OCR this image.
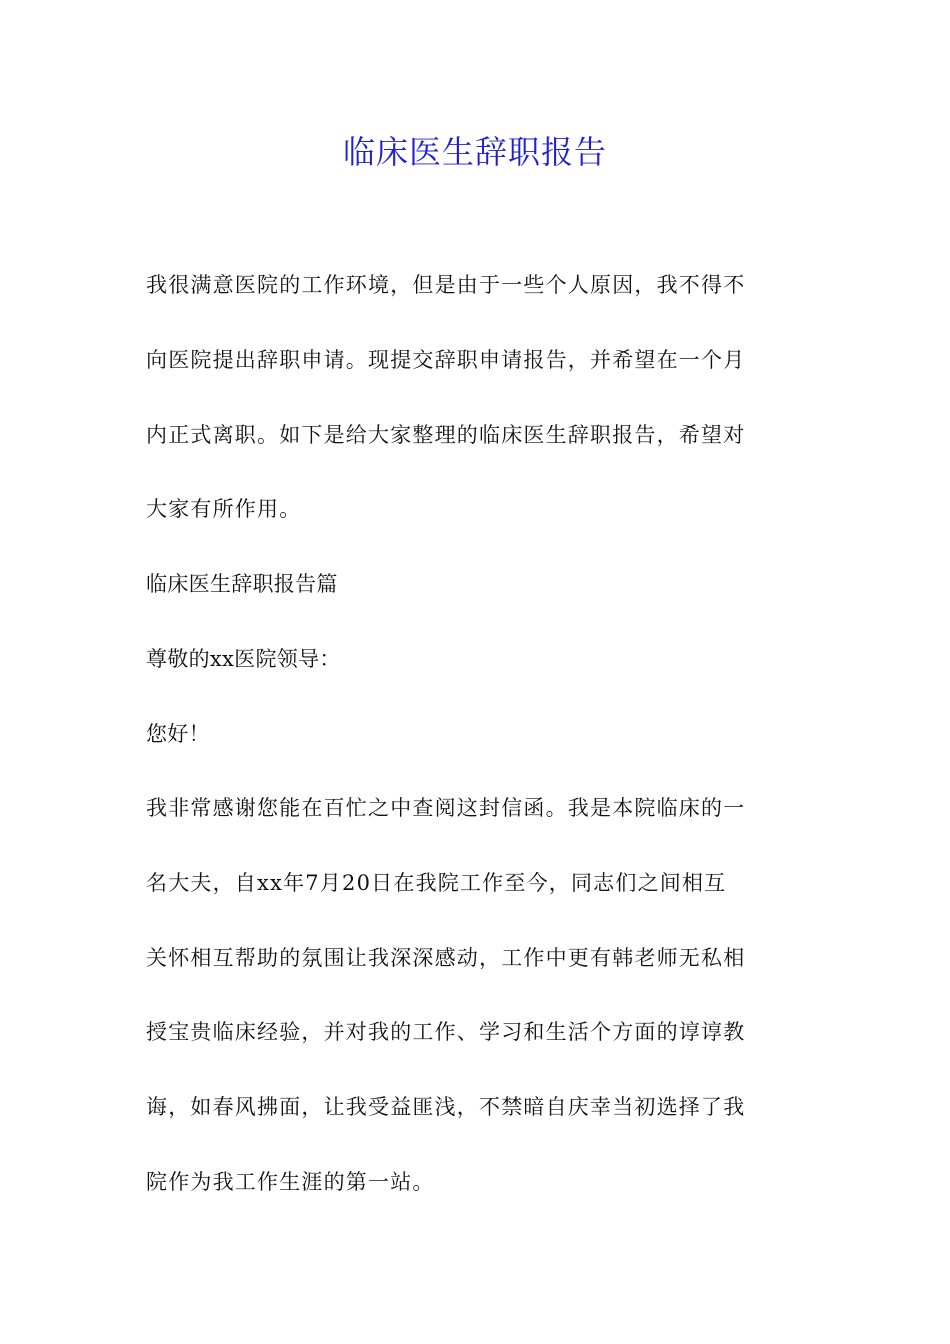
临床医生辞职报告
我很满意医院的工作环境，但是由于一些个人原因，我不得不
向医院提出辞职申请。现提交辞职申请报告，并希望在一个月
内正式离职。如下是给大家整理的临床医生辞职报告，希望对
大家有所作用。
临床医生辞职报告篇
尊敬的xx医院领导：
您好！
我非常感谢您能在百忙之中查阅这封信函。我是本院临床的一
名大夫，自xx年7月20日在我院工作至今，同志们之间相互
关怀相互帮助的氛围让我深深感动，工作中更有韩老师无私相
授宝贵临床经验，并对我的工作、学习和生活个方面的谆谆教
诲，如春风拂面，让我受益匪浅，不禁暗自庆幸当初选择了我
院作为我工作生涯的第一站。
